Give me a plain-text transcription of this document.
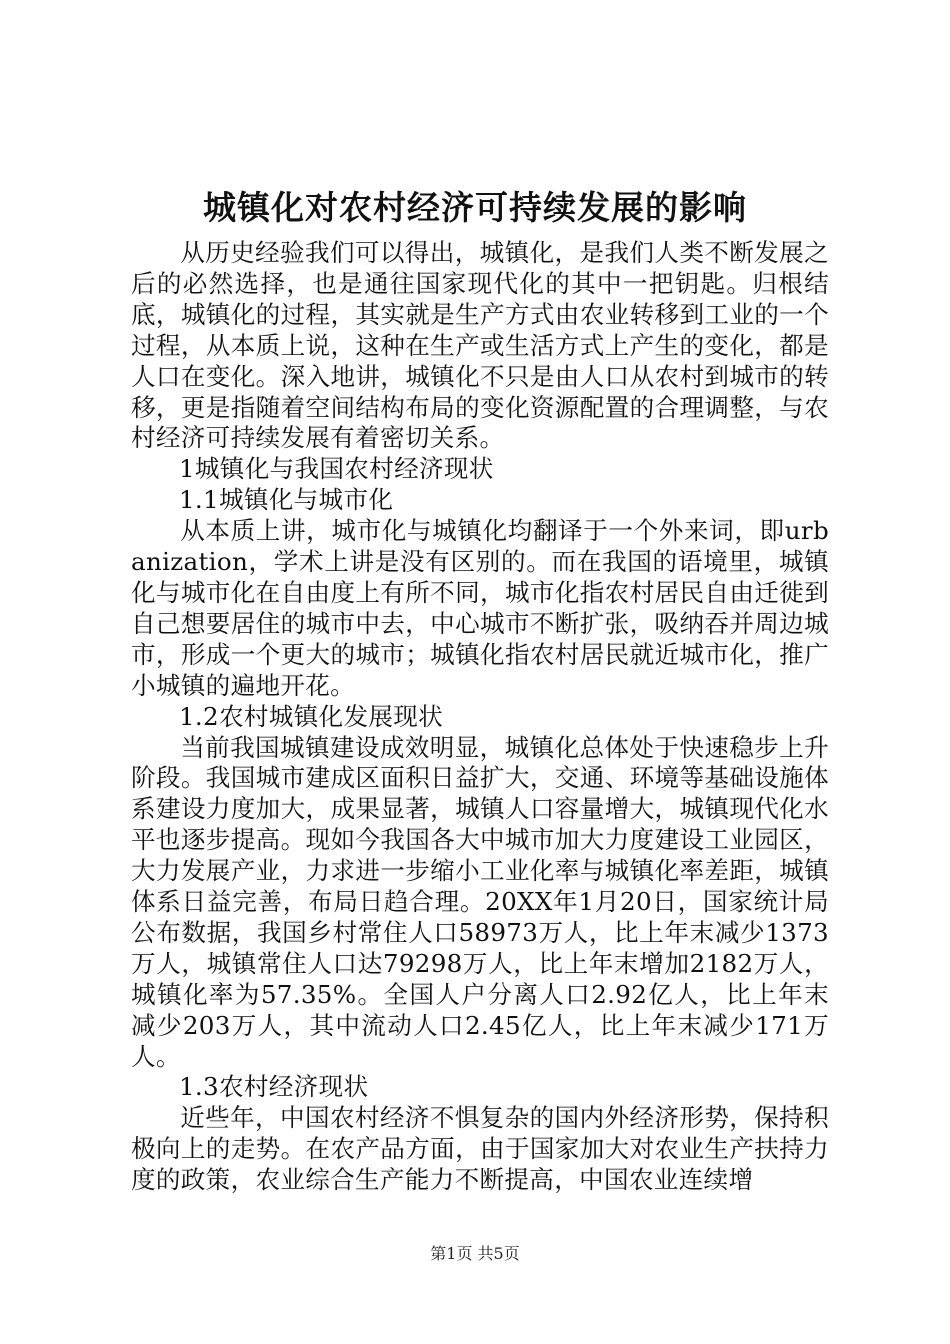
城镇化对农村经济可持续发展的影响

从历史经验我们可以得出，城镇化，是我们人类不断发展之后的必然选择，也是通往国家现代化的其中一把钥匙。归根结底，城镇化的过程，其实就是生产方式由农业转移到工业的一个过程，从本质上说，这种在生产或生活方式上产生的变化，都是人口在变化。深入地讲，城镇化不只是由人口从农村到城市的转移，更是指随着空间结构布局的变化资源配置的合理调整，与农村经济可持续发展有着密切关系。

1城镇化与我国农村经济现状

1.1城镇化与城市化

从本质上讲，城市化与城镇化均翻译于一个外来词，即urbanization，学术上讲是没有区别的。而在我国的语境里，城镇化与城市化在自由度上有所不同，城市化指农村居民自由迁徙到自己想要居住的城市中去，中心城市不断扩张，吸纳吞并周边城市，形成一个更大的城市；城镇化指农村居民就近城市化，推广小城镇的遍地开花。

1.2农村城镇化发展现状

当前我国城镇建设成效明显，城镇化总体处于快速稳步上升阶段。我国城市建成区面积日益扩大，交通、环境等基础设施体系建设力度加大，成果显著，城镇人口容量增大，城镇现代化水平也逐步提高。现如今我国各大中城市加大力度建设工业园区，大力发展产业，力求进一步缩小工业化率与城镇化率差距，城镇体系日益完善，布局日趋合理。20XX年1月20日，国家统计局公布数据，我国乡村常住人口58973万人，比上年末减少1373万人，城镇常住人口达79298万人，比上年末增加2182万人，城镇化率为57.35%。全国人户分离人口2.92亿人，比上年末减少203万人，其中流动人口2.45亿人，比上年末减少171万人。

1.3农村经济现状

近些年，中国农村经济不惧复杂的国内外经济形势，保持积极向上的走势。在农产品方面，由于国家加大对农业生产扶持力度的政策，农业综合生产能力不断提高，中国农业连续增

第1页 共5页
